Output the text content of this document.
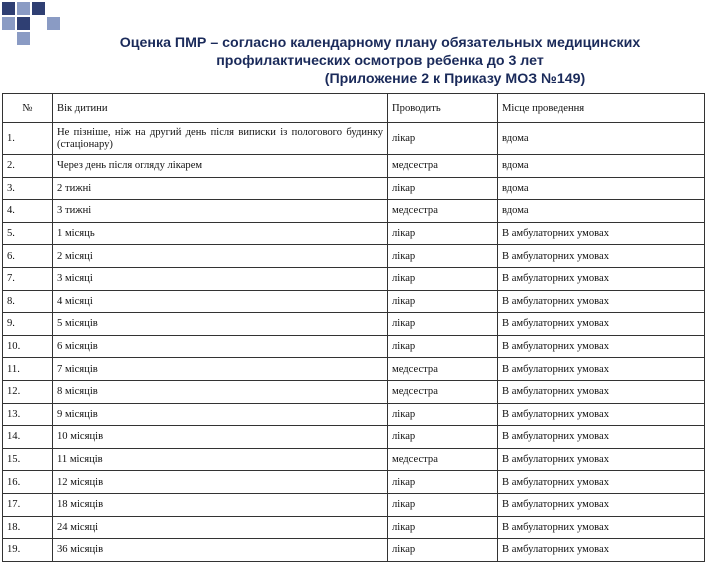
Оценка ПМР – согласно календарному плану обязательных медицинских
профилактических осмотров ребенка до 3 лет
(Приложение 2 к Приказу МОЗ №149)
№	Вік дитини	Проводить	Місце проведення
1.	Не пізніше, ніж на другий день після виписки із пологового будинку (стаціонару)	лікар	вдома
2.	Через день після огляду лікарем	медсестра	вдома
3.	2 тижні	лікар	вдома
4.	3 тижні	медсестра	вдома
5.	1 місяць	лікар	В амбулаторних умовах
6.	2 місяці	лікар	В амбулаторних умовах
7.	3 місяці	лікар	В амбулаторних умовах
8.	4 місяці	лікар	В амбулаторних умовах
9.	5 місяців	лікар	В амбулаторних умовах
10.	6 місяців	лікар	В амбулаторних умовах
11.	7 місяців	медсестра	В амбулаторних умовах
12.	8 місяців	медсестра	В амбулаторних умовах
13.	9 місяців	лікар	В амбулаторних умовах
14.	10 місяців	лікар	В амбулаторних умовах
15.	11 місяців	медсестра	В амбулаторних умовах
16.	12 місяців	лікар	В амбулаторних умовах
17.	18 місяців	лікар	В амбулаторних умовах
18.	24 місяці	лікар	В амбулаторних умовах
19.	36 місяців	лікар	В амбулаторних умовах
